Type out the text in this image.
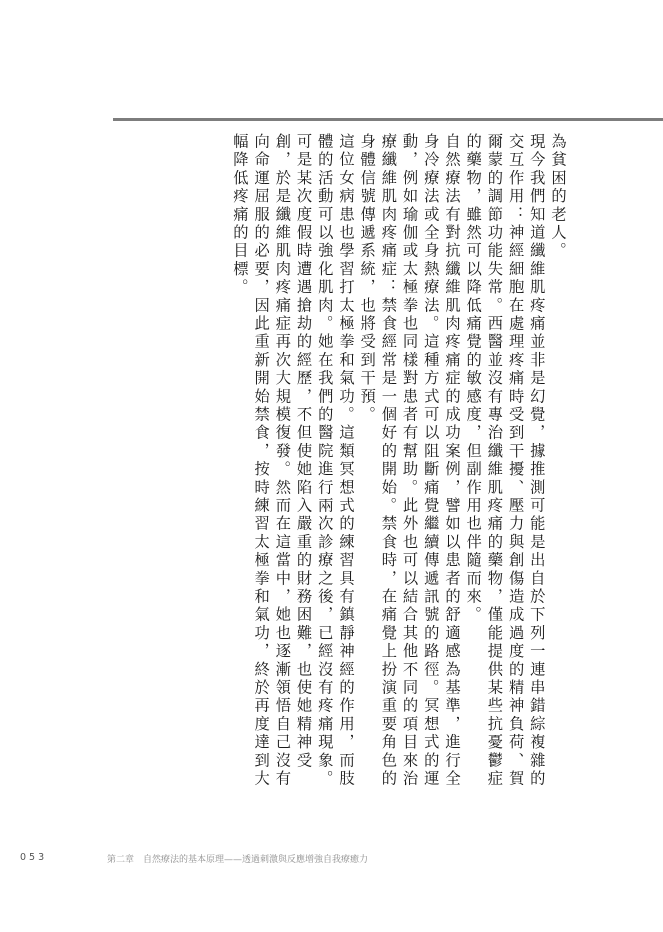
為貧困的老人。

現今我們知道纖維肌疼痛並非是幻覺，據推測可能是出自於下列一連串錯綜複雜的交互作用：神經細胞在處理疼痛時受到干擾、壓力與創傷造成過度的精神負荷、賀爾蒙的調節功能失常。西醫並沒有專治纖維肌疼痛的藥物，僅能提供某些抗憂鬱症的藥物，雖然可以降低痛覺的敏感度，但副作用也伴隨而來。

自然療法有對抗纖維肌肉疼痛症的成功案例，譬如以患者的舒適感為基準，進行全身冷療法或全身熱療法。這種方式可以阻斷痛覺繼續傳遞訊號的路徑。冥想式的運動，例如瑜伽或太極拳也同樣對患者有幫助。此外也可以結合其他不同的項目來治療纖維肌肉疼痛症：禁食經常是一個好的開始。禁食時，在痛覺上扮演重要角色的身體信號傳遞系統，也將受到干預。

這位女病患也學習打太極拳和氣功。這類冥想式的練習具有鎮靜神經的作用，而肢體的活動可以強化肌肉。她在我們的醫院進行兩次診療之後，已經沒有疼痛現象。可是某次度假時遭遇搶劫的經歷，不但使她陷入嚴重的財務困難，也使她精神受創，於是纖維肌肉疼痛症再次大規模復發。然而在這當中，她也逐漸領悟自己沒有向命運屈服的必要，因此重新開始禁食，按時練習太極拳和氣功，終於再度達到大幅降低疼痛的目標。

053	第二章　自然療法的基本原理——透過刺激與反應增強自我療癒力
